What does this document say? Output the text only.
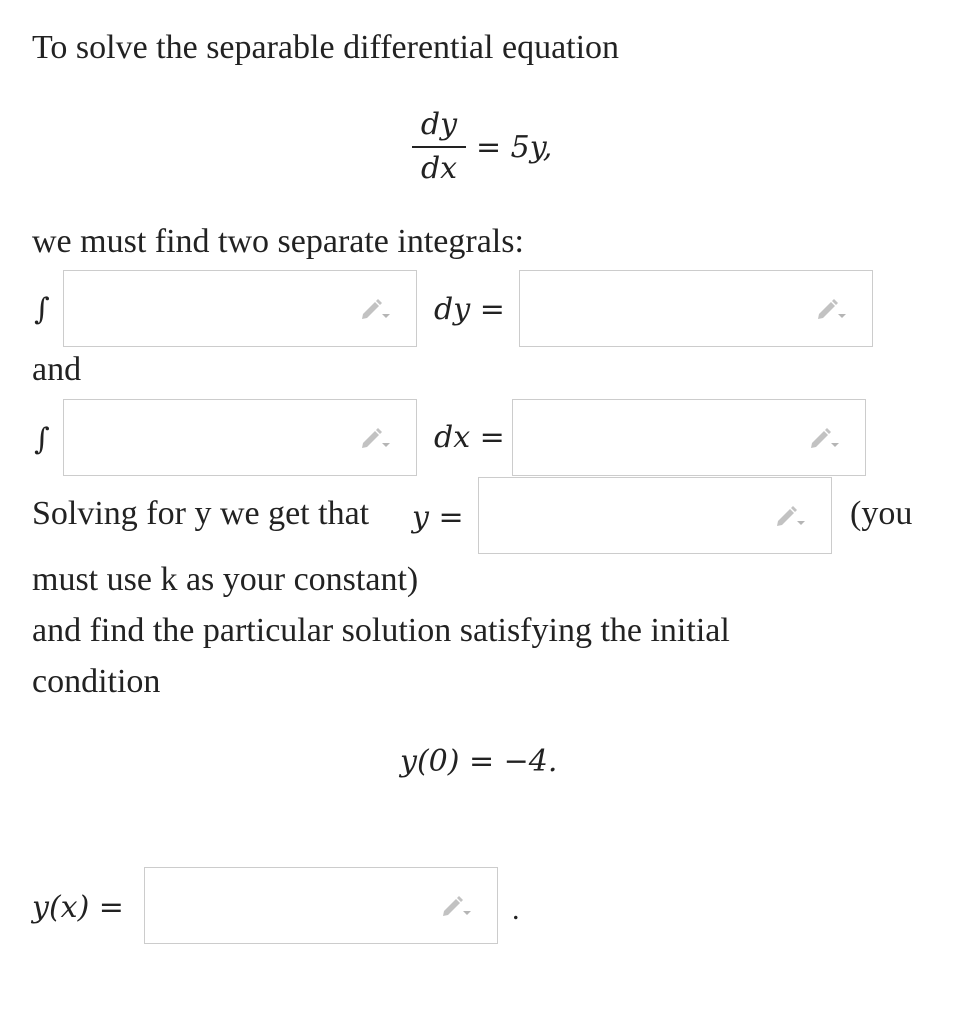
To solve the separable differential equation
dy
dx
= 5y,
we must find two separate integrals:
∫	dy =
and
∫	dx =
Solving for y we get that y =	(you
must use k as your constant)
and find the particular solution satisfying the initial
condition
y(0) = −4.
y(x) =	.
